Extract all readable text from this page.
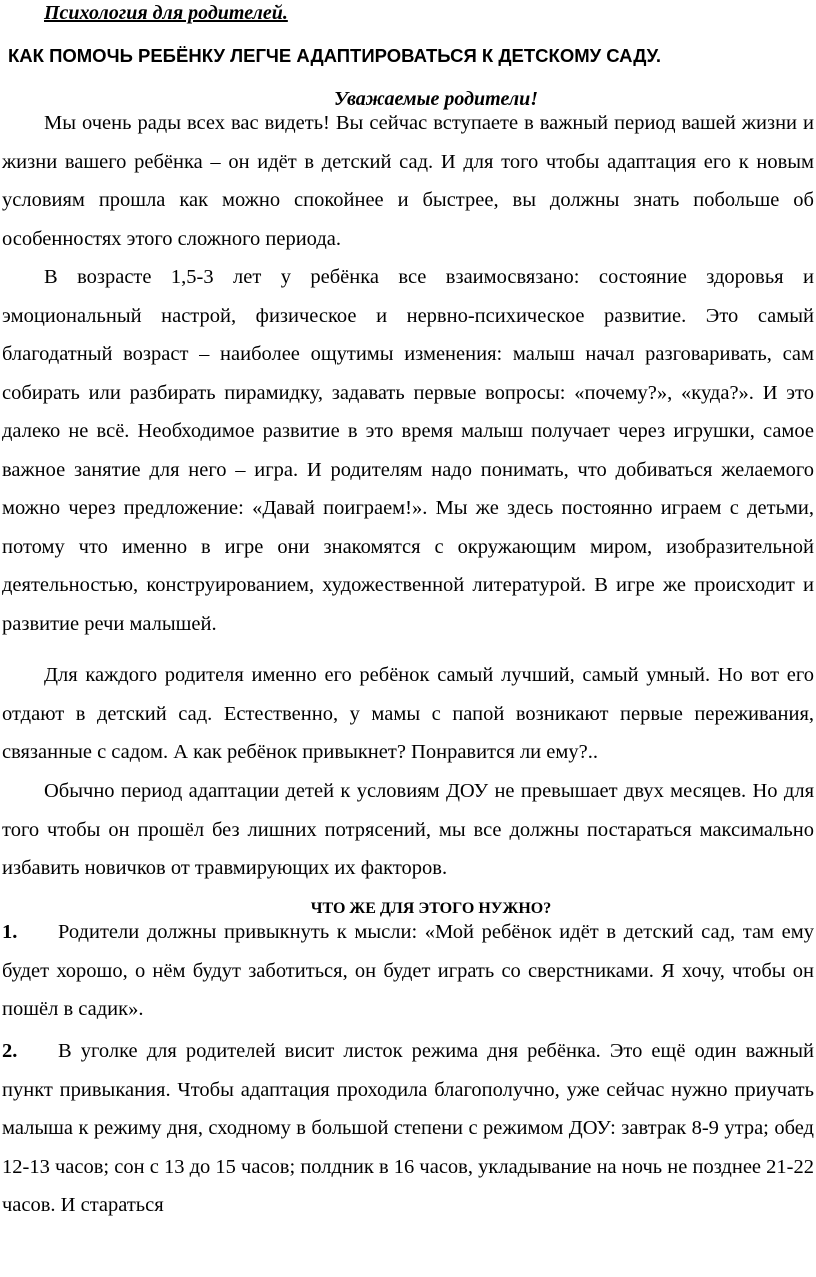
Психология для родителей.
КАК ПОМОЧЬ РЕБЁНКУ ЛЕГЧЕ АДАПТИРОВАТЬСЯ К ДЕТСКОМУ САДУ.
Уважаемые родители!

Мы очень рады всех вас видеть! Вы сейчас вступаете в важный период вашей жизни и жизни вашего ребёнка – он идёт в детский сад. И для того чтобы адаптация его к новым условиям прошла как можно спокойнее и быстрее, вы должны знать побольше об особенностях этого сложного периода.

В возрасте 1,5-3 лет у ребёнка все взаимосвязано: состояние здоровья и эмоциональный настрой, физическое и нервно-психическое развитие. Это самый благодатный возраст – наиболее ощутимы изменения: малыш начал разговаривать, сам собирать или разбирать пирамидку, задавать первые вопросы: «почему?», «куда?». И это далеко не всё. Необходимое развитие в это время малыш получает через игрушки, самое важное занятие для него – игра. И родителям надо понимать, что добиваться желаемого можно через предложение: «Давай поиграем!». Мы же здесь постоянно играем с детьми, потому что именно в игре они знакомятся с окружающим миром, изобразительной деятельностью, конструированием, художественной литературой. В игре же происходит и развитие речи малышей.

Для каждого родителя именно его ребёнок самый лучший, самый умный. Но вот его отдают в детский сад. Естественно, у мамы с папой возникают первые переживания, связанные с садом. А как ребёнок привыкнет? Понравится ли ему?..

Обычно период адаптации детей к условиям ДОУ не превышает двух месяцев. Но для того чтобы он прошёл без лишних потрясений, мы все должны постараться максимально избавить новичков от травмирующих их факторов.

ЧТО ЖЕ ДЛЯ ЭТОГО НУЖНО?

1. Родители должны привыкнуть к мысли: «Мой ребёнок идёт в детский сад, там ему будет хорошо, о нём будут заботиться, он будет играть со сверстниками. Я хочу, чтобы он пошёл в садик».

2. В уголке для родителей висит листок режима дня ребёнка. Это ещё один важный пункт привыкания. Чтобы адаптация проходила благополучно, уже сейчас нужно приучать малыша к режиму дня, сходному в большой степени с режимом ДОУ: завтрак 8-9 утра; обед 12-13 часов; сон с 13 до 15 часов; полдник в 16 часов, укладывание на ночь не позднее 21-22 часов. И стараться
